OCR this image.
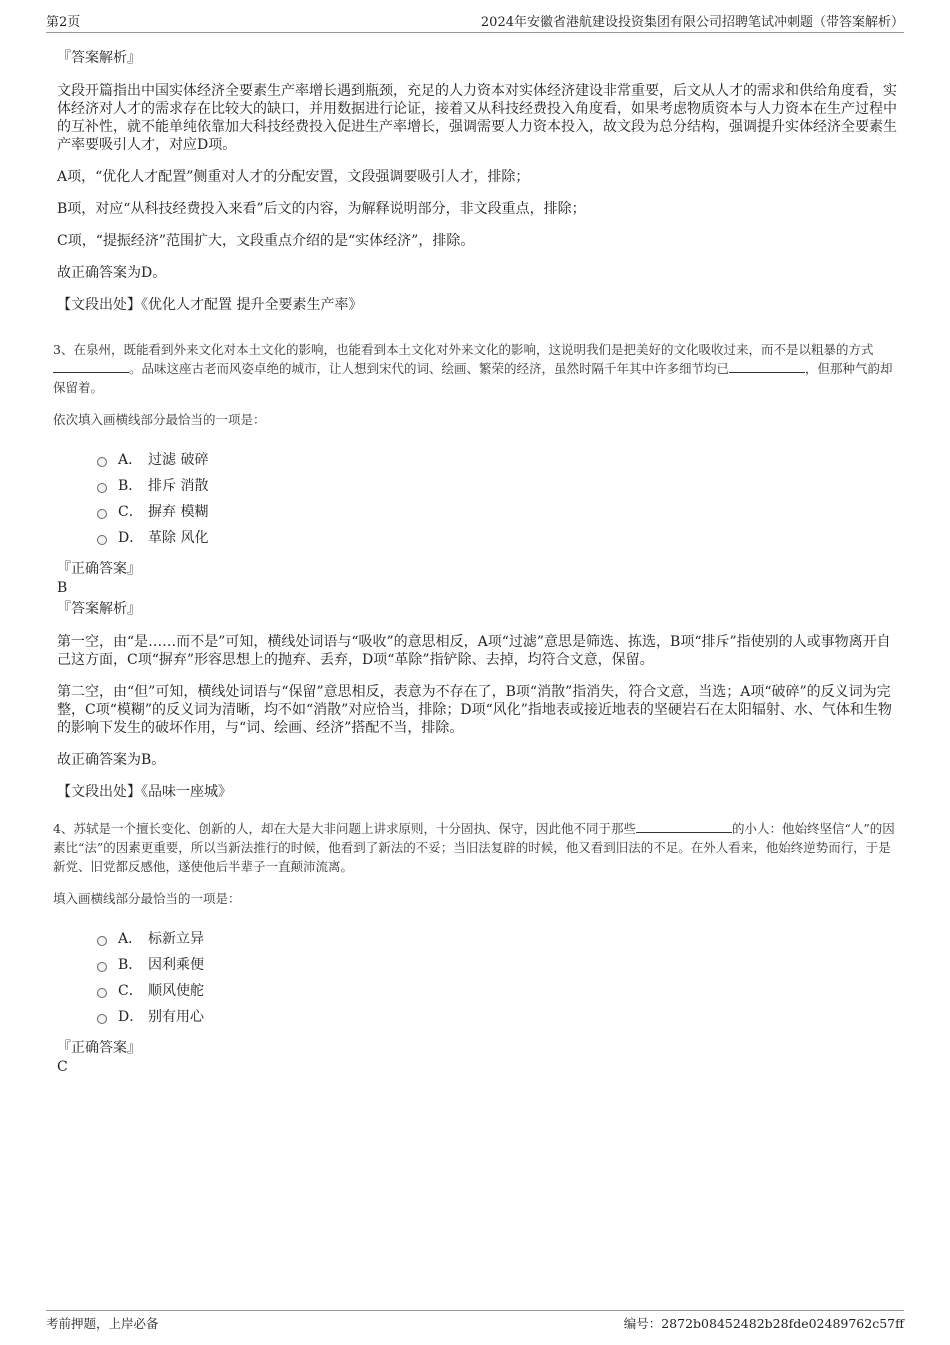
第2页	2024年安徽省港航建设投资集团有限公司招聘笔试冲刺题（带答案解析）

『答案解析』

文段开篇指出中国实体经济全要素生产率增长遇到瓶颈，充足的人力资本对实体经济建设非常重要，后文从人才的需求和供给角度看，实体经济对人才的需求存在比较大的缺口，并用数据进行论证，接着又从科技经费投入角度看，如果考虑物质资本与人力资本在生产过程中的互补性，就不能单纯依靠加大科技经费投入促进生产率增长，强调需要人力资本投入，故文段为总分结构，强调提升实体经济全要素生产率要吸引人才，对应D项。

A项，“优化人才配置”侧重对人才的分配安置，文段强调要吸引人才，排除；

B项，对应“从科技经费投入来看”后文的内容，为解释说明部分，非文段重点，排除；

C项，“提振经济”范围扩大，文段重点介绍的是“实体经济”，排除。

故正确答案为D。

【文段出处】《优化人才配置 提升全要素生产率》

3、在泉州，既能看到外来文化对本土文化的影响，也能看到本土文化对外来文化的影响，这说明我们是把美好的文化吸收过来，而不是以粗暴的方式。品味这座古老而风姿卓绝的城市，让人想到宋代的词、绘画、繁荣的经济，虽然时隔千年其中许多细节均已	，但那种气韵却保留着。

依次填入画横线部分最恰当的一项是：

A． 过滤 破碎
B． 排斥 消散
C． 摒弃 模糊
D． 革除 风化

『正确答案』

B

『答案解析』

第一空，由“是……而不是”可知，横线处词语与“吸收”的意思相反，A项“过滤”意思是筛选、拣选，B项“排斥”指使别的人或事物离开自己这方面，C项“摒弃”形容思想上的抛弃、丢弃，D项“革除”指铲除、去掉，均符合文意，保留。

第二空，由“但”可知，横线处词语与“保留”意思相反，表意为不存在了，B项“消散”指消失，符合文意，当选；A项“破碎”的反义词为完整，C项“模糊”的反义词为清晰，均不如“消散”对应恰当，排除；D项“风化”指地表或接近地表的坚硬岩石在太阳辐射、水、气体和生物的影响下发生的破坏作用，与“词、绘画、经济”搭配不当，排除。

故正确答案为B。

【文段出处】《品味一座城》

4、苏轼是一个擅长变化、创新的人，却在大是大非问题上讲求原则，十分固执、保守，因此他不同于那些	的小人：他始终坚信“人”的因素比“法”的因素更重要，所以当新法推行的时候，他看到了新法的不妥；当旧法复辟的时候，他又看到旧法的不足。在外人看来，他始终逆势而行，于是新党、旧党都反感他，遂使他后半辈子一直颠沛流离。

填入画横线部分最恰当的一项是：

A． 标新立异
B． 因利乘便
C． 顺风使舵
D． 别有用心

『正确答案』

C

考前押题，上岸必备	编号：2872b08452482b28fde02489762c57ff
